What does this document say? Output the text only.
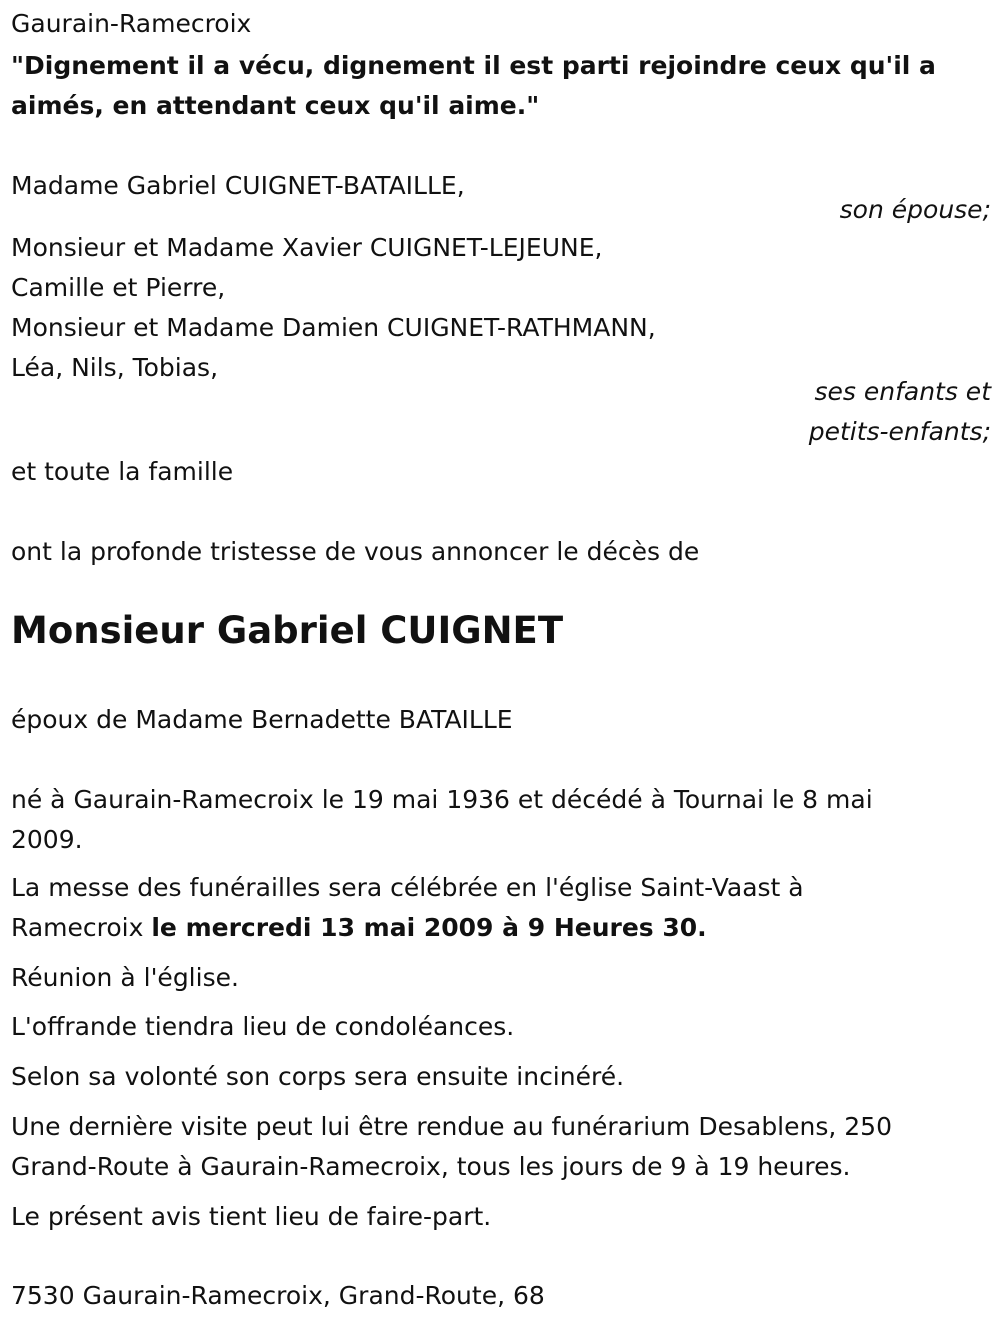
Gaurain-Ramecroix
"Dignement il a vécu, dignement il est parti rejoindre ceux qu'il a
aimés, en attendant ceux qu'il aime."
Madame Gabriel CUIGNET-BATAILLE,
son épouse;
Monsieur et Madame Xavier CUIGNET-LEJEUNE,
Camille et Pierre,
Monsieur et Madame Damien CUIGNET-RATHMANN,
Léa, Nils, Tobias,
ses enfants et
petits-enfants;
et toute la famille
ont la profonde tristesse de vous annoncer le décès de
Monsieur Gabriel CUIGNET
époux de Madame Bernadette BATAILLE
né à Gaurain-Ramecroix le 19 mai 1936 et décédé à Tournai le 8 mai
2009.
La messe des funérailles sera célébrée en l'église Saint-Vaast à
Ramecroix le mercredi 13 mai 2009 à 9 Heures 30.
Réunion à l'église.
L'offrande tiendra lieu de condoléances.
Selon sa volonté son corps sera ensuite incinéré.
Une dernière visite peut lui être rendue au funérarium Desablens, 250
Grand-Route à Gaurain-Ramecroix, tous les jours de 9 à 19 heures.
Le présent avis tient lieu de faire-part.
7530 Gaurain-Ramecroix, Grand-Route, 68
